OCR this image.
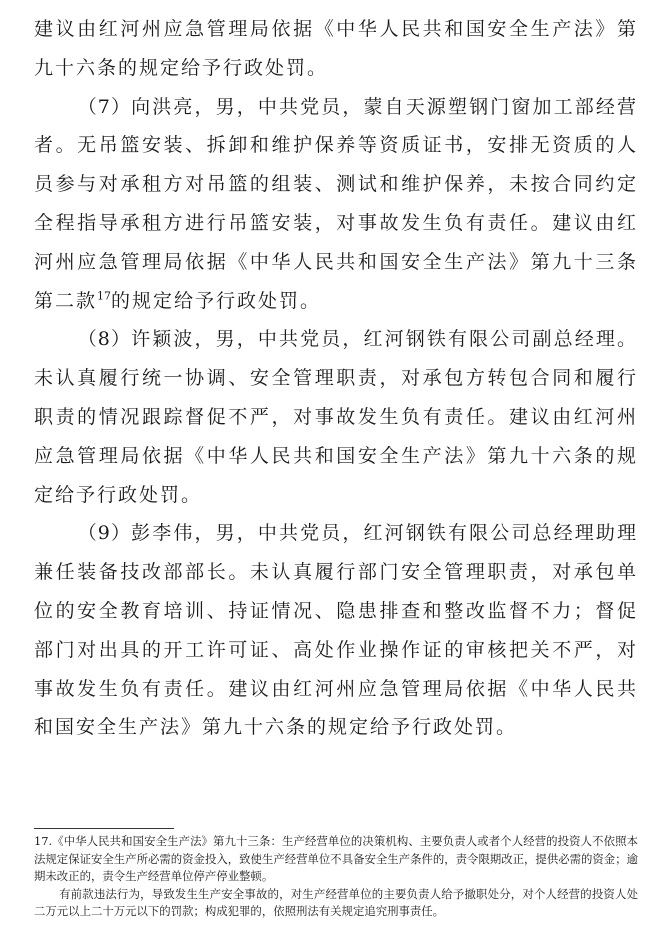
建议由红河州应急管理局依据《中华人民共和国安全生产法》第九十六条的规定给予行政处罚。

（7）向洪亮，男，中共党员，蒙自天源塑钢门窗加工部经营者。无吊篮安装、拆卸和维护保养等资质证书，安排无资质的人员参与对承租方对吊篮的组装、测试和维护保养，未按合同约定全程指导承租方进行吊篮安装，对事故发生负有责任。建议由红河州应急管理局依据《中华人民共和国安全生产法》第九十三条第二款$^{17}$的规定给予行政处罚。

（8）许颖波，男，中共党员，红河钢铁有限公司副总经理。未认真履行统一协调、安全管理职责，对承包方转包合同和履行职责的情况跟踪督促不严，对事故发生负有责任。建议由红河州应急管理局依据《中华人民共和国安全生产法》第九十六条的规定给予行政处罚。

（9）彭李伟，男，中共党员，红河钢铁有限公司总经理助理兼任装备技改部部长。未认真履行部门安全管理职责，对承包单位的安全教育培训、持证情况、隐患排查和整改监督不力；督促部门对出具的开工许可证、高处作业操作证的审核把关不严，对事故发生负有责任。建议由红河州应急管理局依据《中华人民共和国安全生产法》第九十六条的规定给予行政处罚。

17.《中华人民共和国安全生产法》第九十三条：生产经营单位的决策机构、主要负责人或者个人经营的投资人不依照本法规定保证安全生产所必需的资金投入，致使生产经营单位不具备安全生产条件的，责令限期改正，提供必需的资金；逾期未改正的，责令生产经营单位停产停业整顿。

有前款违法行为，导致发生生产安全事故的，对生产经营单位的主要负责人给予撤职处分，对个人经营的投资人处二万元以上二十万元以下的罚款；构成犯罪的，依照刑法有关规定追究刑事责任。
